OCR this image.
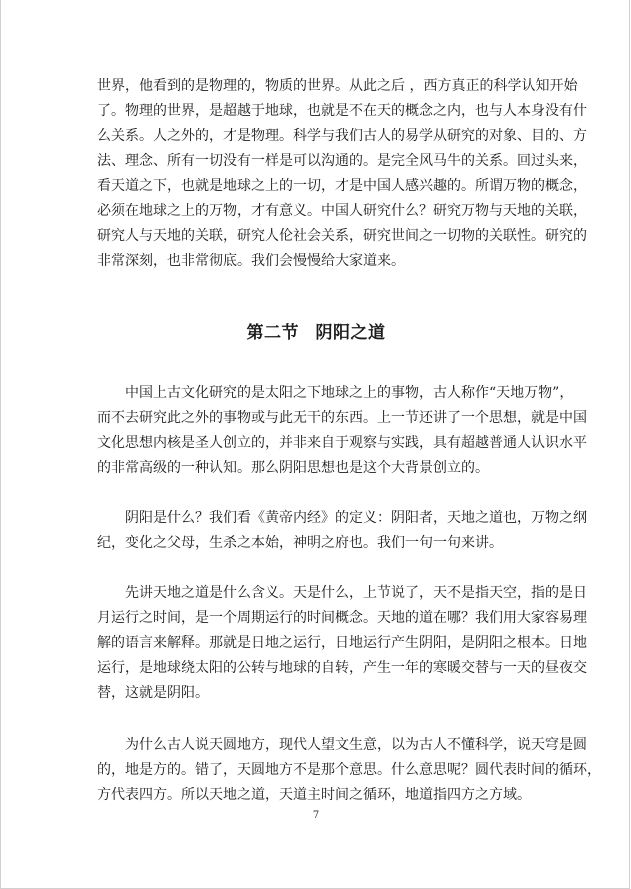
世界，他看到的是物理的，物质的世界。从此之后 ，西方真正的科学认知开始
了。物理的世界，是超越于地球，也就是不在天的概念之内，也与人本身没有什
么关系。人之外的，才是物理。科学与我们古人的易学从研究的对象、目的、方
法、理念、所有一切没有一样是可以沟通的。是完全风马牛的关系。回过头来，
看天道之下，也就是地球之上的一切，才是中国人感兴趣的。所谓万物的概念，
必须在地球之上的万物，才有意义。中国人研究什么？研究万物与天地的关联，
研究人与天地的关联，研究人伦社会关系，研究世间之一切物的关联性。研究的
非常深刻，也非常彻底。我们会慢慢给大家道来。
第二节 阴阳之道
中国上古文化研究的是太阳之下地球之上的事物，古人称作“天地万物”，
而不去研究此之外的事物或与此无干的东西。上一节还讲了一个思想，就是中国
文化思想内核是圣人创立的，并非来自于观察与实践，具有超越普通人认识水平
的非常高级的一种认知。那么阴阳思想也是这个大背景创立的。
阴阳是什么？我们看《黄帝内经》的定义：阴阳者，天地之道也，万物之纲
纪，变化之父母，生杀之本始，神明之府也。我们一句一句来讲。
先讲天地之道是什么含义。天是什么，上节说了，天不是指天空，指的是日
月运行之时间，是一个周期运行的时间概念。天地的道在哪？我们用大家容易理
解的语言来解释。那就是日地之运行，日地运行产生阴阳，是阴阳之根本。日地
运行，是地球绕太阳的公转与地球的自转，产生一年的寒暖交替与一天的昼夜交
替，这就是阴阳。
为什么古人说天圆地方，现代人望文生意，以为古人不懂科学，说天穹是圆
的，地是方的。错了，天圆地方不是那个意思。什么意思呢？圆代表时间的循环，
方代表四方。所以天地之道，天道主时间之循环，地道指四方之方域。
7
